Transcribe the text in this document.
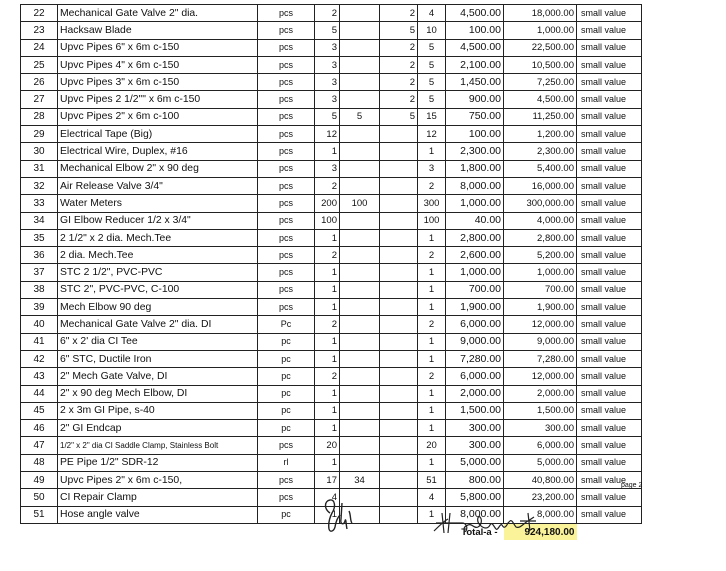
22	Mechanical Gate Valve 2" dia.	pcs	2		2	4	4,500.00	18,000.00	small value
23	Hacksaw Blade	pcs	5		5	10	100.00	1,000.00	small value
24	Upvc Pipes 6" x 6m c-150	pcs	3		2	5	4,500.00	22,500.00	small value
25	Upvc Pipes 4" x 6m c-150	pcs	3		2	5	2,100.00	10,500.00	small value
26	Upvc Pipes 3" x 6m c-150	pcs	3		2	5	1,450.00	7,250.00	small value
27	Upvc Pipes 2 1/2"" x 6m c-150	pcs	3		2	5	900.00	4,500.00	small value
28	Upvc Pipes 2" x 6m c-100	pcs	5	5	5	15	750.00	11,250.00	small value
29	Electrical Tape (Big)	pcs	12			12	100.00	1,200.00	small value
30	Electrical Wire, Duplex, #16	pcs	1			1	2,300.00	2,300.00	small value
31	Mechanical Elbow 2" x 90 deg	pcs	3			3	1,800.00	5,400.00	small value
32	Air Release Valve 3/4"	pcs	2			2	8,000.00	16,000.00	small value
33	Water Meters	pcs	200	100		300	1,000.00	300,000.00	small value
34	GI Elbow Reducer 1/2 x 3/4"	pcs	100			100	40.00	4,000.00	small value
35	2 1/2" x 2 dia. Mech.Tee	pcs	1			1	2,800.00	2,800.00	small value
36	2 dia. Mech.Tee	pcs	2			2	2,600.00	5,200.00	small value
37	STC 2 1/2", PVC-PVC	pcs	1			1	1,000.00	1,000.00	small value
38	STC 2", PVC-PVC, C-100	pcs	1			1	700.00	700.00	small value
39	Mech Elbow 90 deg	pcs	1			1	1,900.00	1,900.00	small value
40	Mechanical Gate Valve 2" dia. DI	Pc	2			2	6,000.00	12,000.00	small value
41	6" x 2' dia CI Tee	pc	1			1	9,000.00	9,000.00	small value
42	6" STC, Ductile Iron	pc	1			1	7,280.00	7,280.00	small value
43	2" Mech Gate Valve, DI	pc	2			2	6,000.00	12,000.00	small value
44	2" x 90 deg Mech Elbow, DI	pc	1			1	2,000.00	2,000.00	small value
45	2 x 3m GI Pipe, s-40	pc	1			1	1,500.00	1,500.00	small value
46	2" GI Endcap	pc	1			1	300.00	300.00	small value
47	1/2" x 2" dia CI Saddle Clamp, Stainless Bolt	pcs	20			20	300.00	6,000.00	small value
48	PE Pipe 1/2" SDR-12	rl	1			1	5,000.00	5,000.00	small value
49	Upvc Pipes 2" x 6m c-150,	pcs	17	34		51	800.00	40,800.00	small value
50	CI Repair Clamp	pcs	4			4	5,800.00	23,200.00	small value
51	Hose angle valve	pc	1			1	8,000.00	8,000.00	small value
Total-a -								924,180.00	
page 2
